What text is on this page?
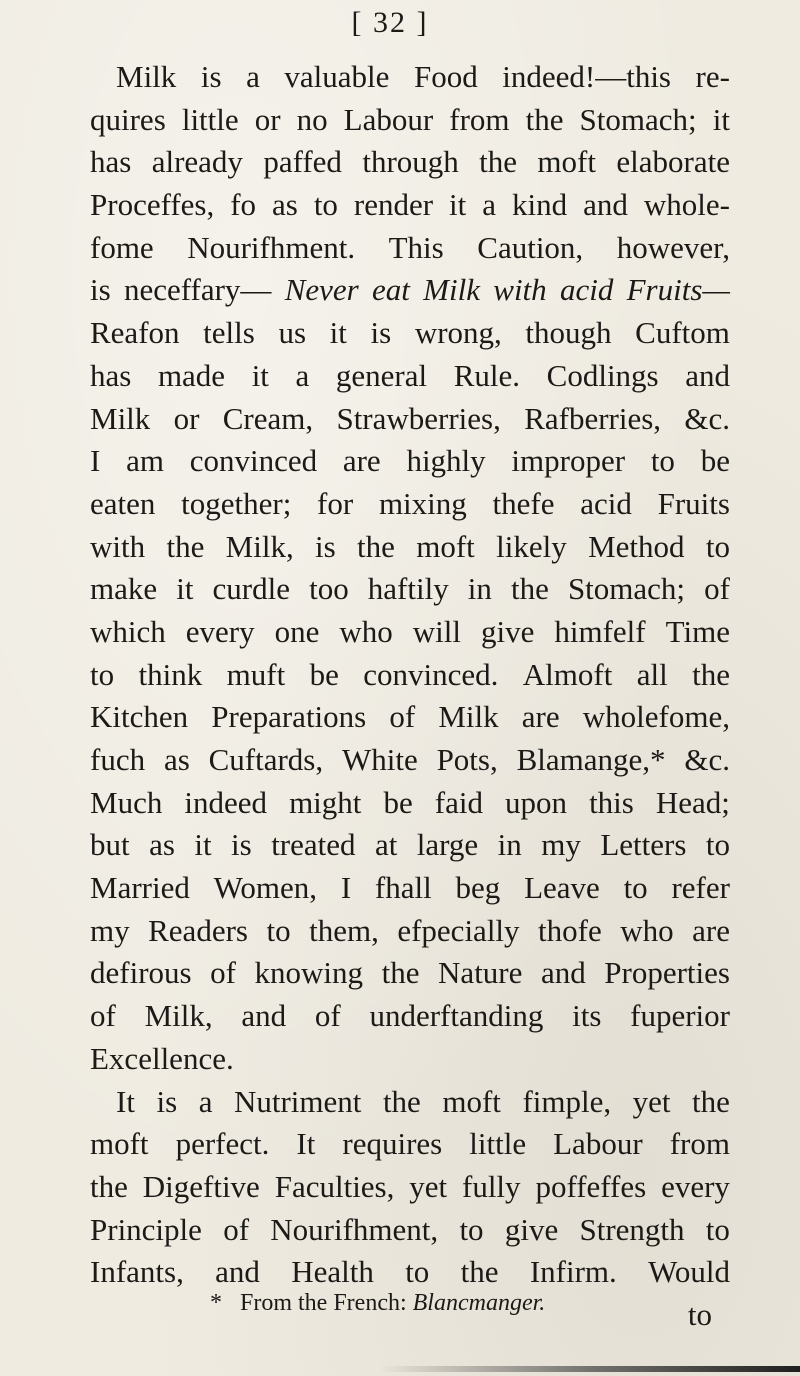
[ 32 ]
Milk is a valuable Food indeed!—this re-
quires little or no Labour from the Stomach; it
has already paffed through the moft elaborate
Proceffes, fo as to render it a kind and whole-
fome Nourifhment. This Caution, however,
is neceffary— Never eat Milk with acid Fruits—
Reafon tells us it is wrong, though Cuftom
has made it a general Rule. Codlings and
Milk or Cream, Strawberries, Rafberries, &c.
I am convinced are highly improper to be
eaten together; for mixing thefe acid Fruits
with the Milk, is the moft likely Method to
make it curdle too haftily in the Stomach; of
which every one who will give himfelf Time
to think muft be convinced. Almoft all the
Kitchen Preparations of Milk are wholefome,
fuch as Cuftards, White Pots, Blamange,* &c.
Much indeed might be faid upon this Head;
but as it is treated at large in my Letters to
Married Women, I fhall beg Leave to refer
my Readers to them, efpecially thofe who are
defirous of knowing the Nature and Properties
of Milk, and of underftanding its fuperior
Excellence.
It is a Nutriment the moft fimple, yet the
moft perfect. It requires little Labour from
the Digeftive Faculties, yet fully poffeffes every
Principle of Nourifhment, to give Strength to
Infants, and Health to the Infirm. Would
to
* From the French: Blancmanger.
